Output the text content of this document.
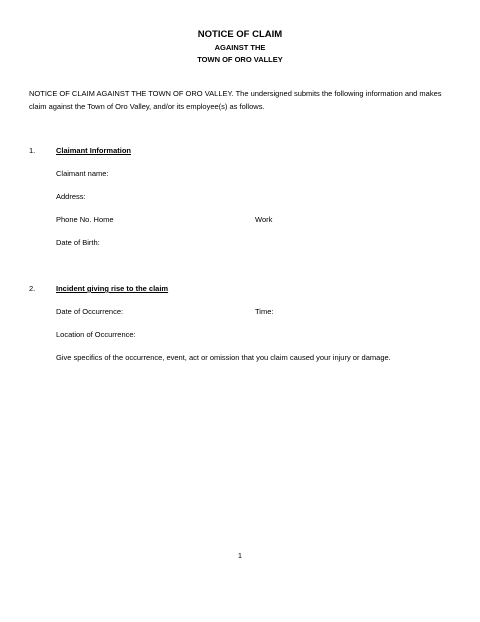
NOTICE OF CLAIM
AGAINST THE
TOWN OF ORO VALLEY
NOTICE OF CLAIM AGAINST THE TOWN OF ORO VALLEY. The undersigned submits the following information and makes claim against the Town of Oro Valley, and/or its employee(s) as follows.
1.	Claimant Information
Claimant name:
Address:
Phone No. Home	Work
Date of Birth:
2.	Incident giving rise to the claim
Date of Occurrence:	Time:
Location of Occurrence:
Give specifics of the occurrence, event, act or omission that you claim caused your injury or damage.
1
